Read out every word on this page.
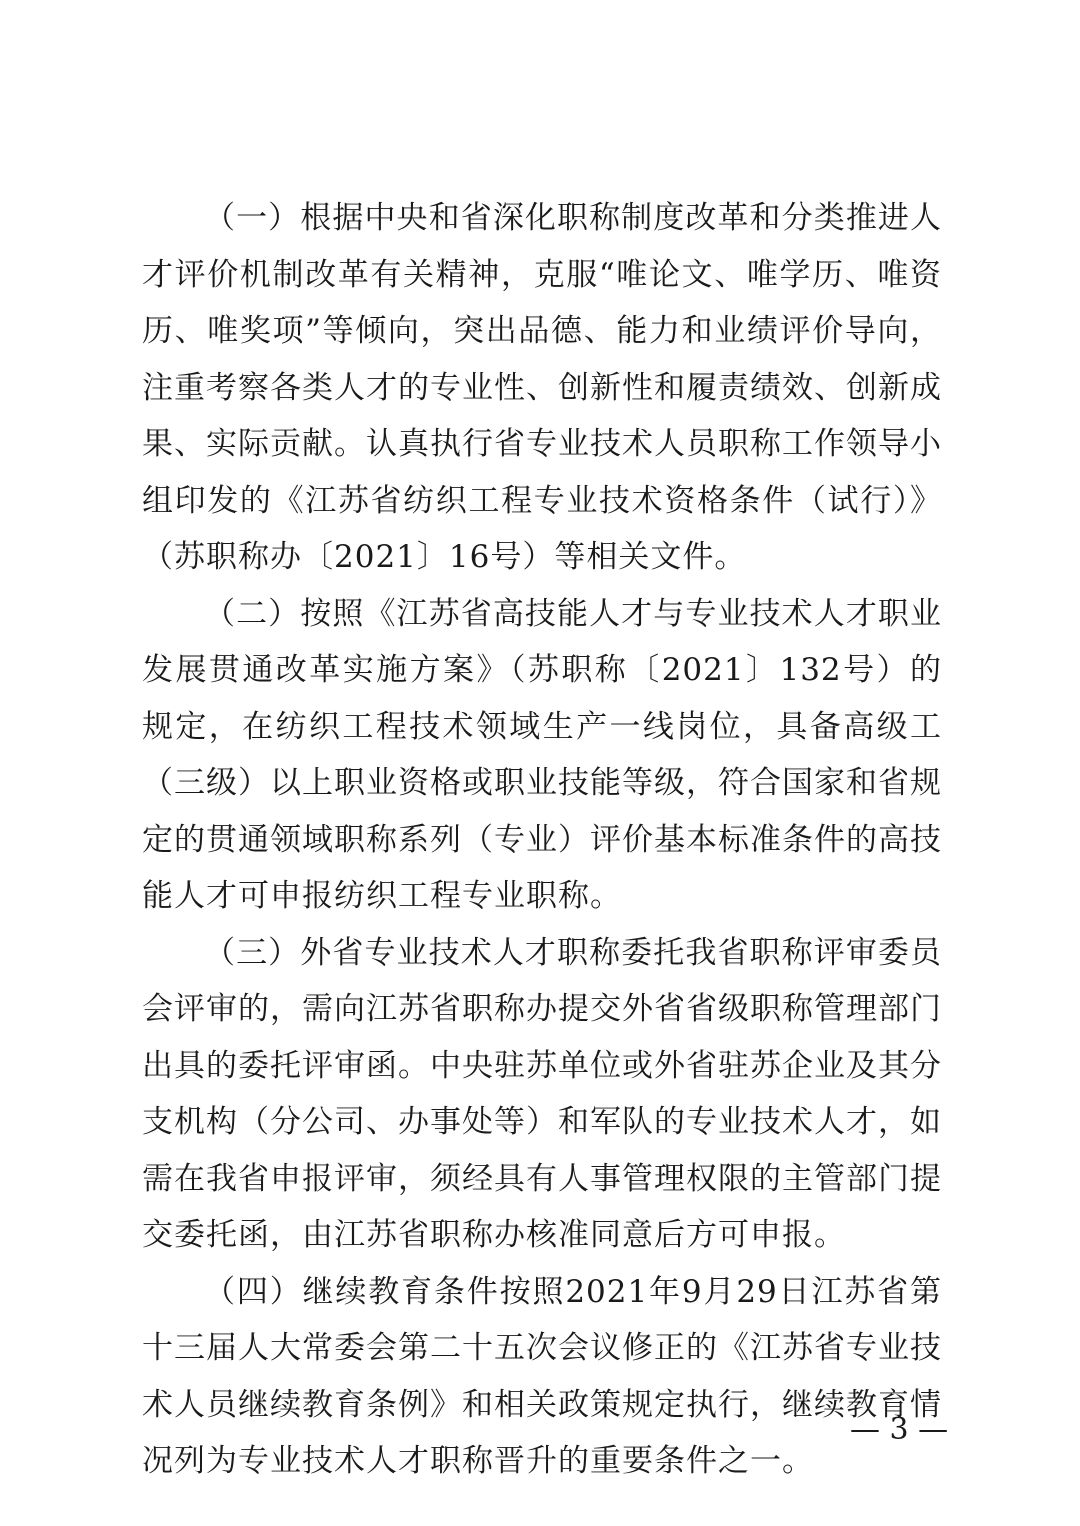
（一）根据中央和省深化职称制度改革和分类推进人才评价机制改革有关精神，克服“唯论文、唯学历、唯资历、唯奖项”等倾向，突出品德、能力和业绩评价导向，注重考察各类人才的专业性、创新性和履责绩效、创新成果、实际贡献。认真执行省专业技术人员职称工作领导小组印发的《江苏省纺织工程专业技术资格条件（试行）》（苏职称办〔2021〕16号）等相关文件。

（二）按照《江苏省高技能人才与专业技术人才职业发展贯通改革实施方案》（苏职称〔2021〕132号）的规定，在纺织工程技术领域生产一线岗位，具备高级工（三级）以上职业资格或职业技能等级，符合国家和省规定的贯通领域职称系列（专业）评价基本标准条件的高技能人才可申报纺织工程专业职称。

（三）外省专业技术人才职称委托我省职称评审委员会评审的，需向江苏省职称办提交外省省级职称管理部门出具的委托评审函。中央驻苏单位或外省驻苏企业及其分支机构（分公司、办事处等）和军队的专业技术人才，如需在我省申报评审，须经具有人事管理权限的主管部门提交委托函，由江苏省职称办核准同意后方可申报。

（四）继续教育条件按照2021年9月29日江苏省第十三届人大常委会第二十五次会议修正的《江苏省专业技术人员继续教育条例》和相关政策规定执行，继续教育情况列为专业技术人才职称晋升的重要条件之一。

— 3 —
